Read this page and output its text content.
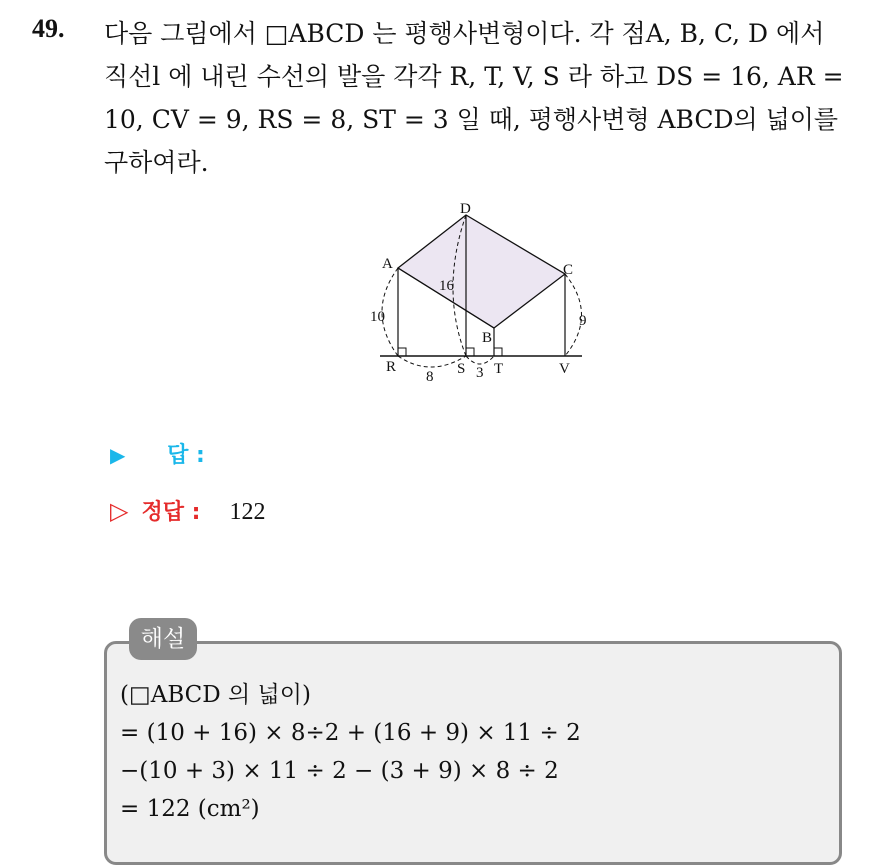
49. 다음 그림에서 □ABCD 는 평행사변형이다. 각 점A, B, C, D 에서
직선l 에 내린 수선의 발을 각각 R, T, V, S 라 하고 DS = 16, AR =
10, CV = 9, RS = 8, ST = 3 일 때, 평행사변형 ABCD의 넓이를
구하여라.
D
A	C
B
R	S T	V
16
10	9
8	3
▶ 답 :
▷ 정답 : 122
해설
(□ABCD 의 넓이)
= (10 + 16) × 8÷2 + (16 + 9) × 11 ÷ 2
−(10 + 3) × 11 ÷ 2 − (3 + 9) × 8 ÷ 2
= 122 (cm²)
